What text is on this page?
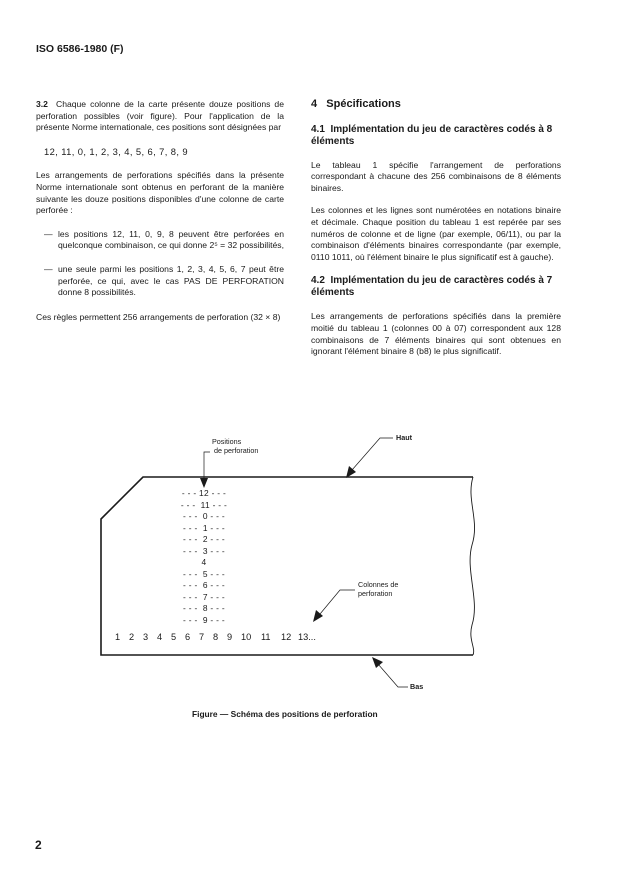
ISO 6586-1980 (F)

3.2 Chaque colonne de la carte présente douze positions de perforation possibles (voir figure). Pour l'application de la présente Norme internationale, ces positions sont désignées par

12, 11, 0, 1, 2, 3, 4, 5, 6, 7, 8, 9

Les arrangements de perforations spécifiés dans la présente Norme internationale sont obtenus en perforant de la manière suivante les douze positions disponibles d'une colonne de carte perforée :

— les positions 12, 11, 0, 9, 8 peuvent être perforées en quelconque combinaison, ce qui donne 2⁵ = 32 possibilités,
— une seule parmi les positions 1, 2, 3, 4, 5, 6, 7 peut être perforée, ce qui, avec le cas PAS DE PERFORATION donne 8 possibilités.

Ces règles permettent 256 arrangements de perforation (32 × 8)

4 Spécifications
4.1 Implémentation du jeu de caractères codés à 8 éléments

Le tableau 1 spécifie l'arrangement de perforations correspondant à chacune des 256 combinaisons de 8 éléments binaires.

Les colonnes et les lignes sont numérotées en notations binaire et décimale. Chaque position du tableau 1 est repérée par ses numéros de colonne et de ligne (par exemple, 06/11), ou par la combinaison d'éléments binaires correspondante (par exemple, 0110 1011, où l'élément binaire le plus significatif est à gauche).

4.2 Implémentation du jeu de caractères codés à 7 éléments

Les arrangements de perforations spécifiés dans la première moitié du tableau 1 (colonnes 00 à 07) correspondent aux 128 combinaisons de 7 éléments binaires qui sont obtenues en ignorant l'élément binaire 8 (b8) le plus significatif.

Positions
de perforation
Haut
Colonnes de
perforation
Bas
- - - 12 - - -
- - -  11 - - -
- - -  0 - - -
- - -  1 - - -
- - -  2 - - -
- - -  3 - - -
4
- - -  5 - - -
- - -  6 - - -
- - -  7 - - -
- - -  8 - - -
- - -  9 - - -
1 2 3 4 5 6 7 8 9 10 11 12 13...
Figure — Schéma des positions de perforation
2
